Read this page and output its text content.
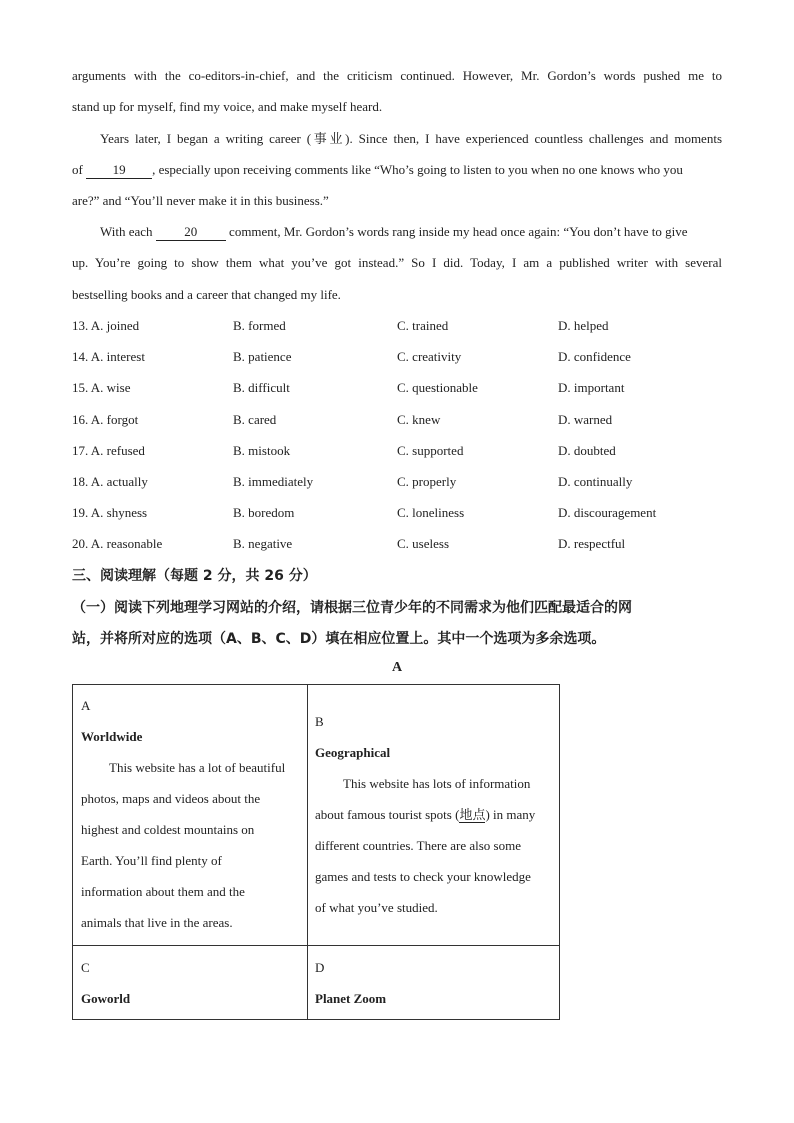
arguments with the co-editors-in-chief, and the criticism continued. However, Mr. Gordon’s words pushed me to
stand up for myself, find my voice, and make myself heard.
Years later, I began a writing career (事业). Since then, I have experienced countless challenges and moments
of 19 , especially upon receiving comments like “Who’s going to listen to you when no one knows who you
are?” and “You’ll never make it in this business.”
With each 20 comment, Mr. Gordon’s words rang inside my head once again: “You don’t have to give
up. You’re going to show them what you’ve got instead.” So I did. Today, I am a published writer with several
bestselling books and a career that changed my life.
13. A. joined	B. formed	C. trained	D. helped
14. A. interest	B. patience	C. creativity	D. confidence
15. A. wise	B. difficult	C. questionable	D. important
16. A. forgot	B. cared	C. knew	D. warned
17. A. refused	B. mistook	C. supported	D. doubted
18. A. actually	B. immediately	C. properly	D. continually
19. A. shyness	B. boredom	C. loneliness	D. discouragement
20. A. reasonable	B. negative	C. useless	D. respectful
三、阅读理解（每题 2 分，共 26 分）
（一）阅读下列地理学习网站的介绍，请根据三位青少年的不同需求为他们匹配最适合的网
站，并将所对应的选项（A、B、C、D）填在相应位置上。其中一个选项为多余选项。
A

A

Worldwide

This website has a lot of beautiful

photos, maps and videos about the

highest and coldest mountains on

Earth. You’ll find plenty of

information about them and the

animals that live in the areas.

B

Geographical

This website has lots of information

about famous tourist spots (地点) in many

different countries. There are also some

games and tests to check your knowledge

of what you’ve studied.

C

Goworld

D

Planet Zoom
